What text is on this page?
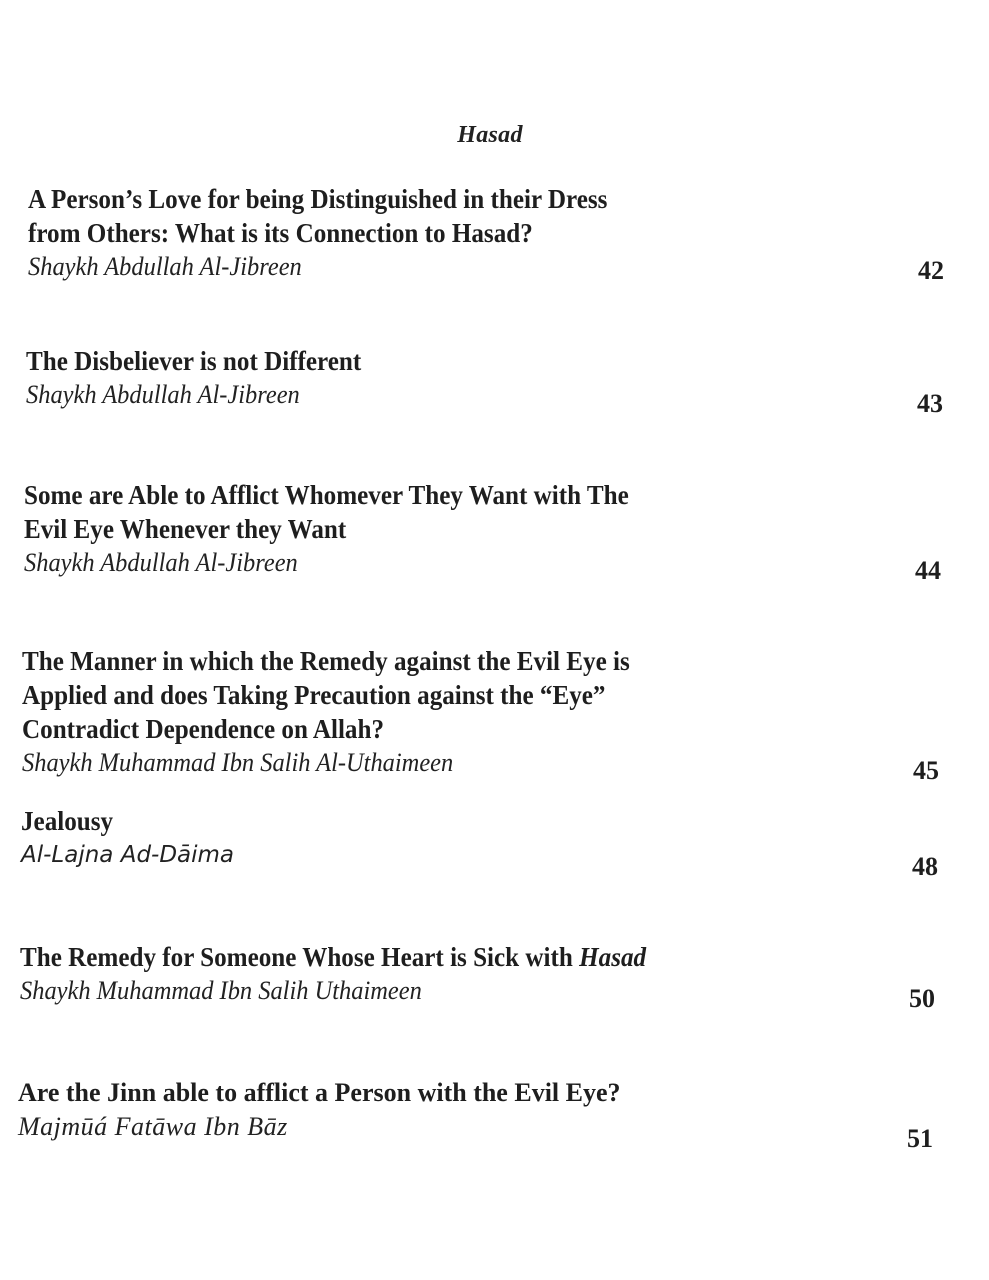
Hasad
A Person’s Love for being Distinguished in their Dress
from Others: What is its Connection to Hasad?
Shaykh Abdullah Al-Jibreen	42
The Disbeliever is not Different
Shaykh Abdullah Al-Jibreen	43
Some are Able to Afflict Whomever They Want with The
Evil Eye Whenever they Want
Shaykh Abdullah Al-Jibreen	44
The Manner in which the Remedy against the Evil Eye is
Applied and does Taking Precaution against the “Eye”
Contradict Dependence on Allah?
Shaykh Muhammad Ibn Salih Al-Uthaimeen	45
Jealousy
Al-Lajna Ad-Dāima	48
The Remedy for Someone Whose Heart is Sick with Hasad
Shaykh Muhammad Ibn Salih Uthaimeen	50
Are the Jinn able to afflict a Person with the Evil Eye?
Majmūá Fatāwa Ibn Bāz	51
